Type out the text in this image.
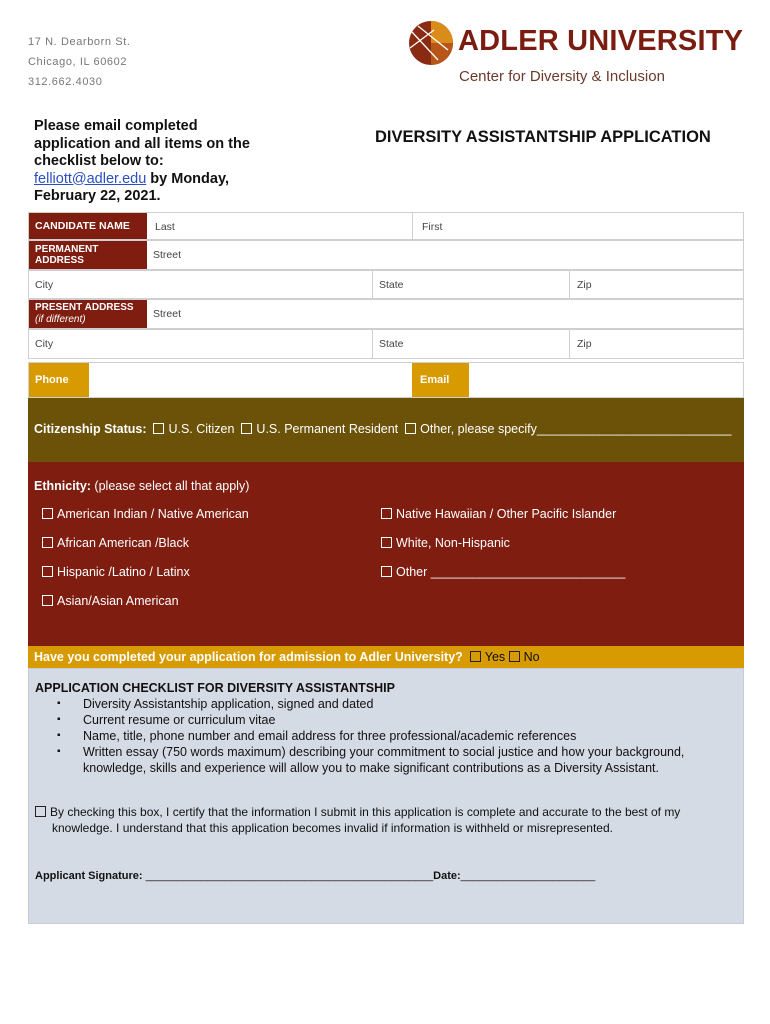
17 N. Dearborn St.
Chicago, IL 60602
312.662.4030
ADLER UNIVERSITY
Center for Diversity & Inclusion
Please email completed application and all items on the checklist below to:
felliott@adler.edu by Monday, February 22, 2021.
DIVERSITY ASSISTANTSHIP APPLICATION
CANDIDATE NAME	Last	First
PERMANENT ADDRESS	Street
City	State	Zip
PRESENT ADDRESS
(if different)	Street
City	State	Zip
Phone	Email
Citizenship Status: U.S. Citizen U.S. Permanent Resident Other, please specify____________________________
Ethnicity: (please select all that apply)
American Indian / Native American
African American /Black
Hispanic /Latino / Latinx
Asian/Asian American
Native Hawaiian / Other Pacific Islander
White, Non-Hispanic
Other ____________________________
Have you completed your application for admission to Adler University? Yes No
APPLICATION CHECKLIST FOR DIVERSITY ASSISTANTSHIP
▪ Diversity Assistantship application, signed and dated
▪ Current resume or curriculum vitae
▪ Name, title, phone number and email address for three professional/academic references
▪ Written essay (750 words maximum) describing your commitment to social justice and how your background, knowledge, skills and experience will allow you to make significant contributions as a Diversity Assistant.
By checking this box, I certify that the information I submit in this application is complete and accurate to the best of my knowledge. I understand that this application becomes invalid if information is withheld or misrepresented.
Applicant Signature: _______________________________________________Date:______________________
